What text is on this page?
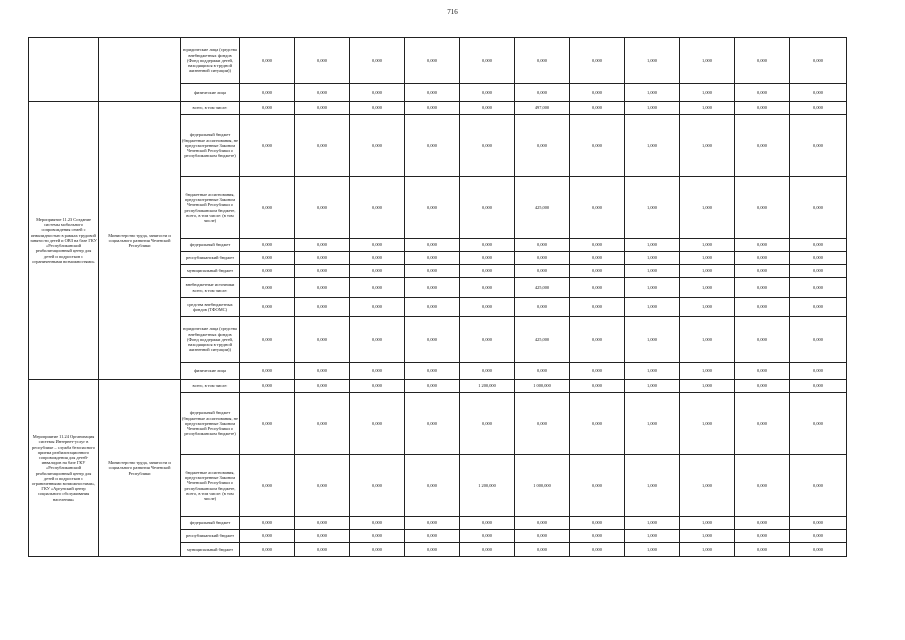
716
		юридические лица (средства внебюджетных фондов (Фонд поддержки детей, находящихся в трудной жизненной ситуации))	0,000	0,000	0,000	0,000	0,000	0,000	0,000	1,000	1,000	0,000	0,000
		физические лица	0,000	0,000	0,000	0,000	0,000	0,000	0,000	1,000	1,000	0,000	0,000
Мероприятие 11.23 Создание системы мобильного сопровождения семей с инвалидностью в рамках трудовой занятости детей и ОВЗ на базе ГКУ «Республиканский реабилитационный центр для детей и подростков с ограниченными возможностями»	Министерство труда, занятости и социального развития Чеченской Республики	всего, в том числе:	0,000	0,000	0,000	0,000	0,000	497,000	0,000	1,000	1,000	0,000	0,000
		федеральный бюджет (бюджетные ассигнования, не предусмотренные Законом Чеченской Республики о республиканском бюджете)	0,000	0,000	0,000	0,000	0,000	0,000	0,000	1,000	1,000	0,000	0,000
		бюджетные ассигнования, предусмотренные Законом Чеченской Республики о республиканском бюджете, всего, в том числе: (в том числе)	0,000	0,000	0,000	0,000	0,000	425,000	0,000	1,000	1,000	0,000	0,000
		федеральный бюджет	0,000	0,000	0,000	0,000	0,000	0,000	0,000	1,000	1,000	0,000	0,000
		республиканский бюджет	0,000	0,000	0,000	0,000	0,000	0,000	0,000	1,000	1,000	0,000	0,000
		муниципальный бюджет	0,000	0,000	0,000	0,000	0,000	0,000	0,000	1,000	1,000	0,000	0,000
		внебюджетные источники всего, в том числе:	0,000	0,000	0,000	0,000	0,000	425,000	0,000	1,000	1,000	0,000	0,000
		средства внебюджетных фондов (ТФОМС)	0,000	0,000	0,000	0,000	0,000	0,000	0,000	1,000	1,000	0,000	0,000
		юридические лица (средства внебюджетных фондов (Фонд поддержки детей, находящихся в трудной жизненной ситуации))	0,000	0,000	0,000	0,000	0,000	425,000	0,000	1,000	1,000	0,000	0,000
		физические лица	0,000	0,000	0,000	0,000	0,000	0,000	0,000	1,000	1,000	0,000	0,000
Мероприятие 11.24 Организация системы Интернет-услуг в республике – служба безопасного приема реабилитационного сопровождения для детей-инвалидов на базе ГКУ «Республиканский реабилитационный центр для детей и подростков с ограниченными возможностями», ГКУ «Аргунский центр социального обслуживания населения»	Министерство труда, занятости и социального развития Чеченской Республики	всего, в том числе:	0,000	0,000	0,000	0,000	1 200,000	1 000,000	0,000	1,000	1,000	0,000	0,000
		федеральный бюджет (бюджетные ассигнования, не предусмотренные Законом Чеченской Республики о республиканском бюджете)	0,000	0,000	0,000	0,000	0,000	0,000	0,000	1,000	1,000	0,000	0,000
		бюджетные ассигнования, предусмотренные Законом Чеченской Республики о республиканском бюджете, всего, в том числе: (в том числе)	0,000	0,000	0,000	0,000	1 200,000	1 000,000	0,000	1,000	1,000	0,000	0,000
		федеральный бюджет	0,000	0,000	0,000	0,000	0,000	0,000	0,000	1,000	1,000	0,000	0,000
		республиканский бюджет	0,000	0,000	0,000	0,000	0,000	0,000	0,000	1,000	1,000	0,000	0,000
		муниципальный бюджет	0,000	0,000	0,000	0,000	0,000	0,000	0,000	1,000	1,000	0,000	0,000
